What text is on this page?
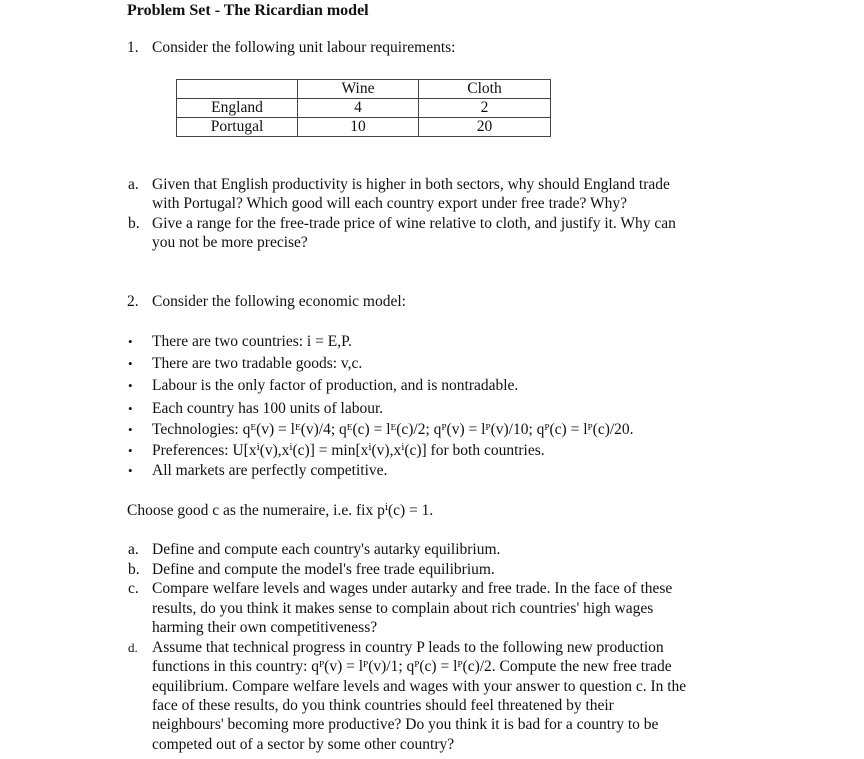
Problem Set - The Ricardian model
1. Consider the following unit labour requirements:
	Wine	Cloth
England	4	2
Portugal	10	20
a. Given that English productivity is higher in both sectors, why should England trade
with Portugal? Which good will each country export under free trade? Why?
b. Give a range for the free-trade price of wine relative to cloth, and justify it. Why can
you not be more precise?
2. Consider the following economic model:
• There are two countries: i = E,P.
• There are two tradable goods: v,c.
• Labour is the only factor of production, and is nontradable.
• Each country has 100 units of labour.
• Technologies: qᴱ(v) = lᴱ(v)/4; qᴱ(c) = lᴱ(c)/2; qᴾ(v) = lᴾ(v)/10; qᴾ(c) = lᴾ(c)/20.
• Preferences: U[xⁱ(v),xⁱ(c)] = min[xⁱ(v),xⁱ(c)] for both countries.
• All markets are perfectly competitive.
Choose good c as the numeraire, i.e. fix pⁱ(c) = 1.
a. Define and compute each country's autarky equilibrium.
b. Define and compute the model's free trade equilibrium.
c. Compare welfare levels and wages under autarky and free trade. In the face of these
results, do you think it makes sense to complain about rich countries' high wages
harming their own competitiveness?
d. Assume that technical progress in country P leads to the following new production
functions in this country: qᴾ(v) = lᴾ(v)/1; qᴾ(c) = lᴾ(c)/2. Compute the new free trade
equilibrium. Compare welfare levels and wages with your answer to question c. In the
face of these results, do you think countries should feel threatened by their
neighbours' becoming more productive? Do you think it is bad for a country to be
competed out of a sector by some other country?
